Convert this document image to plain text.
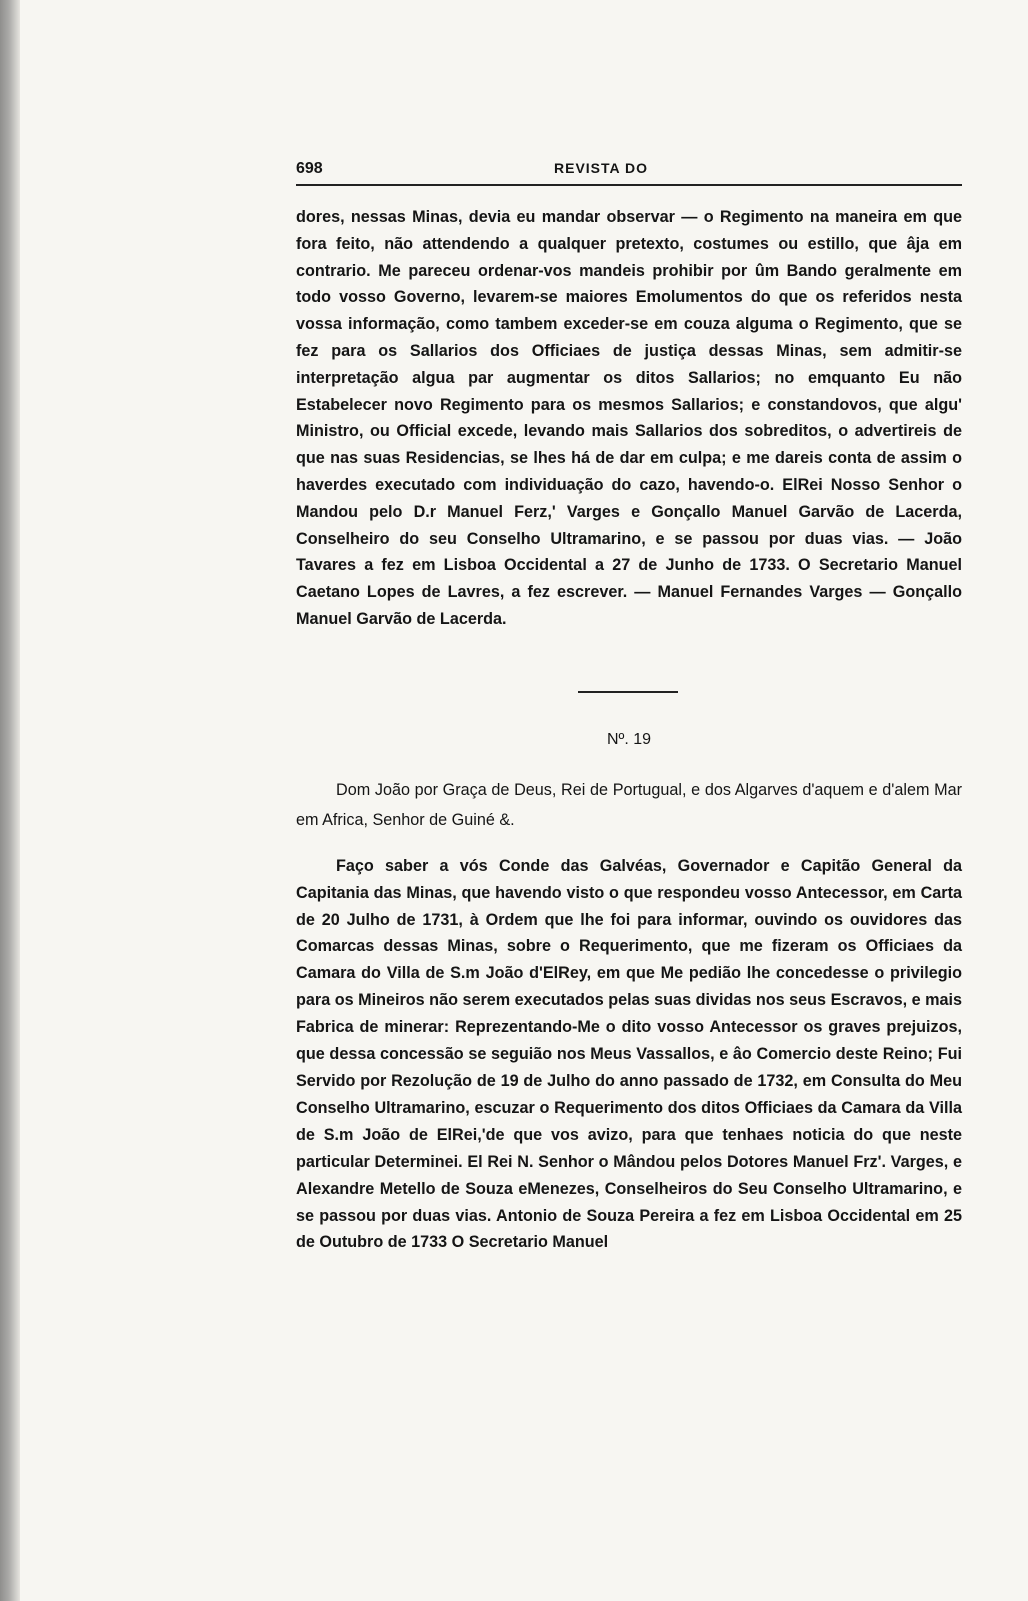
698	REVISTA DO

dores, nessas Minas, devia eu mandar observar — o Regimento na maneira em que fora feito, não attendendo a qualquer pretexto, costumes ou estillo, que âja em contrario. Me pareceu ordenar-vos mandeis prohibir por ûm Bando geralmente em todo vosso Governo, levarem-se maiores Emolumentos do que os referidos nesta vossa informação, como tambem exceder-se em couza alguma o Regimento, que se fez para os Sallarios dos Officiaes de justiça dessas Minas, sem admitir-se interpretação algua par augmentar os ditos Sallarios; no emquanto Eu não Estabelecer novo Regimento para os mesmos Sallarios; e constandovos, que algu' Ministro, ou Official excede, levando mais Sallarios dos sobreditos, o advertireis de que nas suas Residencias, se lhes há de dar em culpa; e me dareis conta de assim o haverdes executado com individuação do cazo, havendo-o. ElRei Nosso Senhor o Mandou pelo D.r Manuel Ferz,' Varges e Gonçallo Manuel Garvão de Lacerda, Conselheiro do seu Conselho Ultramarino, e se passou por duas vias. — João Tavares a fez em Lisboa Occidental a 27 de Junho de 1733. O Secretario Manuel Caetano Lopes de Lavres, a fez escrever. — Manuel Fernandes Varges — Gonçallo Manuel Garvão de Lacerda.

Nº. 19

Dom João por Graça de Deus, Rei de Portugual, e dos Algarves d'aquem e d'alem Mar em Africa, Senhor de Guiné &.

Faço saber a vós Conde das Galvéas, Governador e Capitão General da Capitania das Minas, que havendo visto o que respondeu vosso Antecessor, em Carta de 20 Julho de 1731, à Ordem que lhe foi para informar, ouvindo os ouvidores das Comarcas dessas Minas, sobre o Requerimento, que me fizeram os Officiaes da Camara do Villa de S.m João d'ElRey, em que Me pedião lhe concedesse o privilegio para os Mineiros não serem executados pelas suas dividas nos seus Escravos, e mais Fabrica de minerar: Reprezentando-Me o dito vosso Antecessor os graves prejuizos, que dessa concessão se seguião nos Meus Vassallos, e âo Comercio deste Reino; Fui Servido por Rezolução de 19 de Julho do anno passado de 1732, em Consulta do Meu Conselho Ultramarino, escuzar o Requerimento dos ditos Officiaes da Camara da Villa de S.m João de ElRei,'de que vos avizo, para que tenhaes noticia do que neste particular Determinei. El Rei N. Senhor o Mândou pelos Dotores Manuel Frz'. Varges, e Alexandre Metello de Souza eMenezes, Conselheiros do Seu Conselho Ultramarino, e se passou por duas vias. Antonio de Souza Pereira a fez em Lisboa Occidental em 25 de Outubro de 1733 O Secretario Manuel
